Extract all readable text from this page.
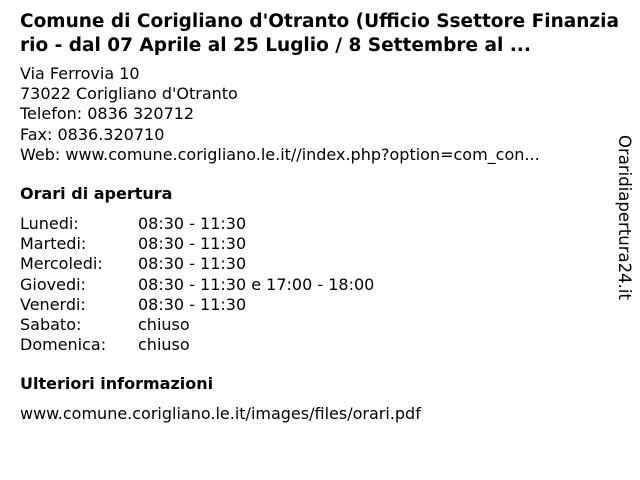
Comune di Corigliano d'Otranto (Ufficio Ssettore Finanziario - dal 07 Aprile al 25 Luglio / 8 Settembre al ...
Via Ferrovia 10
73022 Corigliano d'Otranto
Telefon: 0836 320712
Fax: 0836.320710
Web: www.comune.corigliano.le.it//index.php?option=com_con...
Orari di apertura
Lunedi:	08:30 - 11:30
Martedi:	08:30 - 11:30
Mercoledi:	08:30 - 11:30
Giovedi:	08:30 - 11:30 e 17:00 - 18:00
Venerdi:	08:30 - 11:30
Sabato:	chiuso
Domenica:	chiuso
Ulteriori informazioni
www.comune.corigliano.le.it/images/files/orari.pdf
Oraridiapertura24.it
